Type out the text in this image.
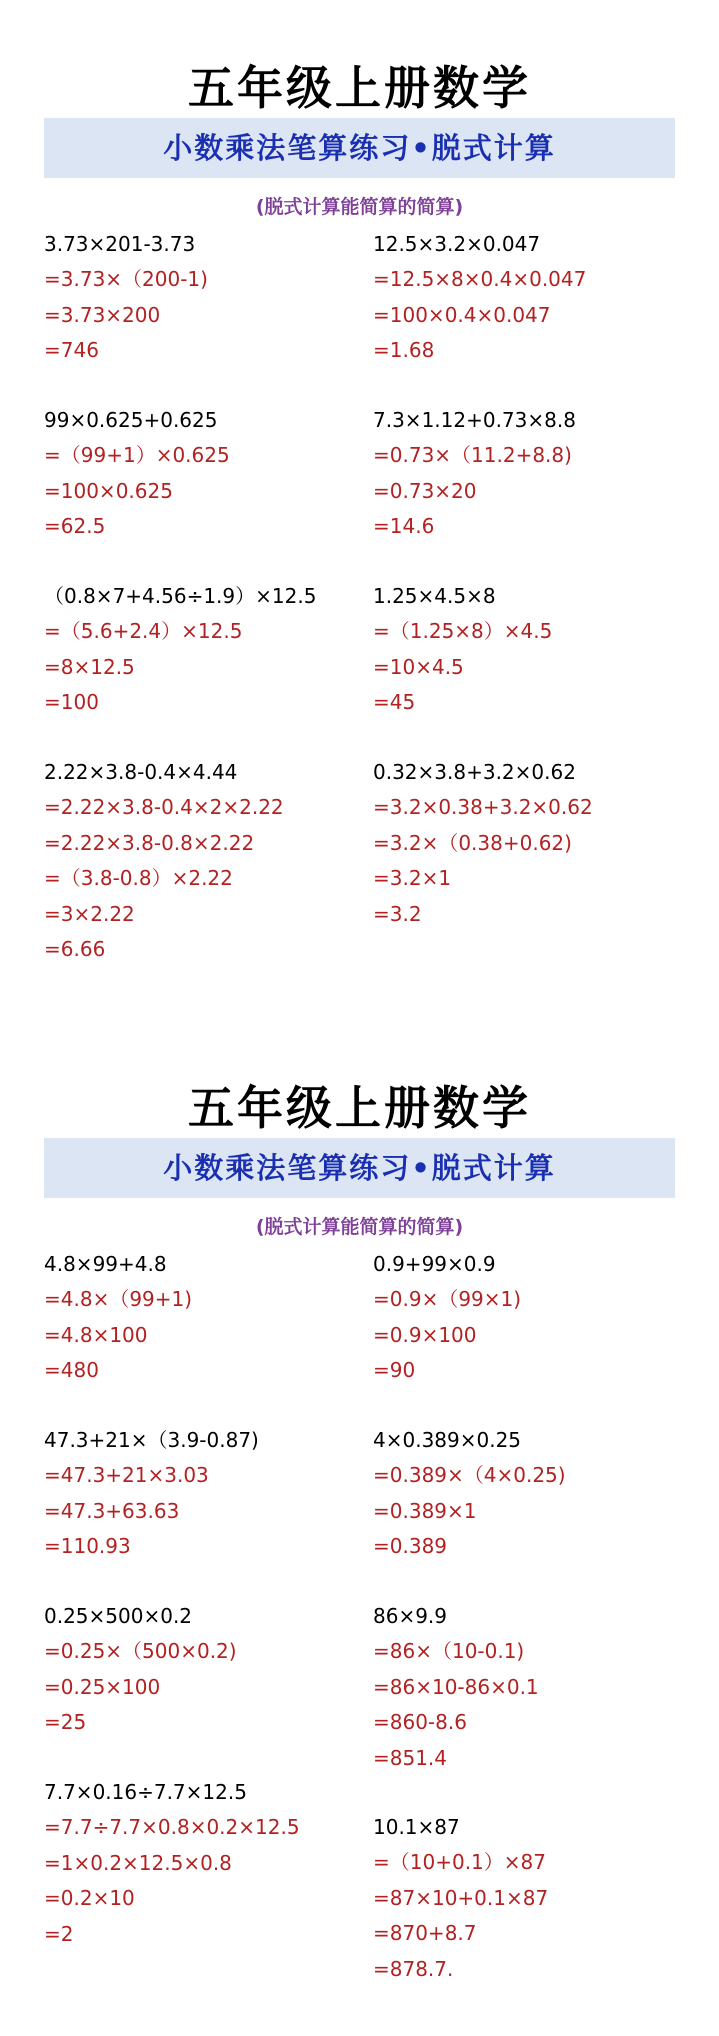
五年级上册数学
小数乘法笔算练习•脱式计算
(脱式计算能简算的简算)
3.73×201-3.73
=3.73×（200-1)
=3.73×200
=746
12.5×3.2×0.047
=12.5×8×0.4×0.047
=100×0.4×0.047
=1.68
99×0.625+0.625
=（99+1）×0.625
=100×0.625
=62.5
7.3×1.12+0.73×8.8
=0.73×（11.2+8.8)
=0.73×20
=14.6
（0.8×7+4.56÷1.9）×12.5
=（5.6+2.4）×12.5
=8×12.5
=100
1.25×4.5×8
=（1.25×8）×4.5
=10×4.5
=45
2.22×3.8-0.4×4.44
=2.22×3.8-0.4×2×2.22
=2.22×3.8-0.8×2.22
=（3.8-0.8）×2.22
=3×2.22
=6.66
0.32×3.8+3.2×0.62
=3.2×0.38+3.2×0.62
=3.2×（0.38+0.62)
=3.2×1
=3.2
五年级上册数学
小数乘法笔算练习•脱式计算
(脱式计算能简算的简算)
4.8×99+4.8
=4.8×（99+1)
=4.8×100
=480
0.9+99×0.9
=0.9×（99×1)
=0.9×100
=90
47.3+21×（3.9-0.87)
=47.3+21×3.03
=47.3+63.63
=110.93
4×0.389×0.25
=0.389×（4×0.25)
=0.389×1
=0.389
0.25×500×0.2
=0.25×（500×0.2)
=0.25×100
=25
86×9.9
=86×（10-0.1)
=86×10-86×0.1
=860-8.6
=851.4
7.7×0.16÷7.7×12.5
=7.7÷7.7×0.8×0.2×12.5
=1×0.2×12.5×0.8
=0.2×10
=2
10.1×87
=（10+0.1）×87
=87×10+0.1×87
=870+8.7
=878.7.
